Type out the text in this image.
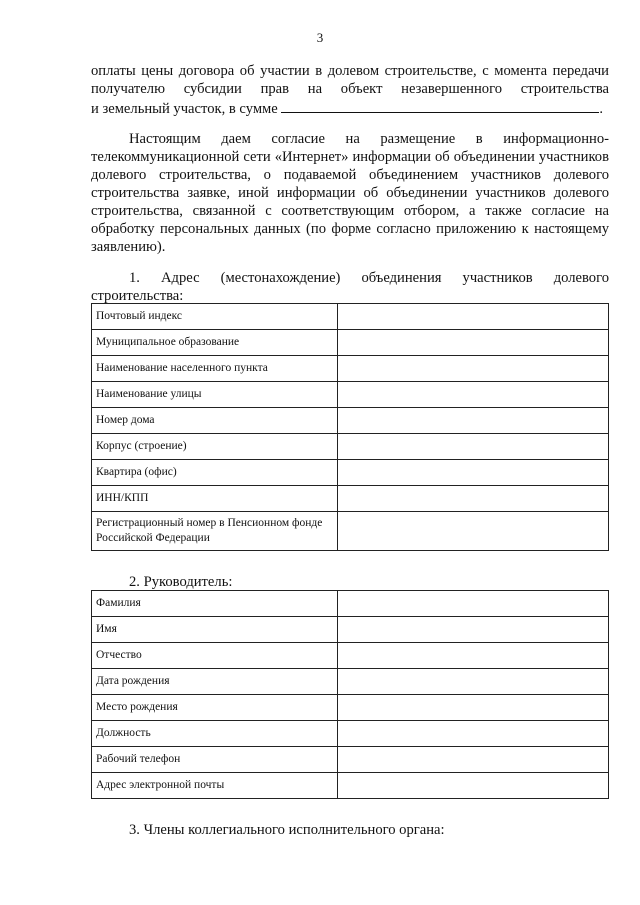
3

оплаты цены договора об участии в долевом строительстве, с момента передачи

получателю субсидии прав на объект незавершенного строительства

и земельный участок, в сумме	.

Настоящим даем согласие на размещение в информационно-телекоммуникационной сети «Интернет» информации об объединении участников долевого строительства, о подаваемой объединением участников долевого строительства заявке, иной информации об объединении участников долевого строительства, связанной с соответствующим отбором, а также согласие на обработку персональных данных (по форме согласно приложению к настоящему заявлению).

1. Адрес (местонахождение) объединения участников долевого
строительства:
Почтовый индекс	
Муниципальное образование	
Наименование населенного пункта	
Наименование улицы	
Номер дома	
Корпус (строение)	
Квартира (офис)	
ИНН/КПП	
Регистрационный номер в Пенсионном фонде Российской Федерации	
2. Руководитель:
Фамилия	
Имя	
Отчество	
Дата рождения	
Место рождения	
Должность	
Рабочий телефон	
Адрес электронной почты	
3. Члены коллегиального исполнительного органа:
